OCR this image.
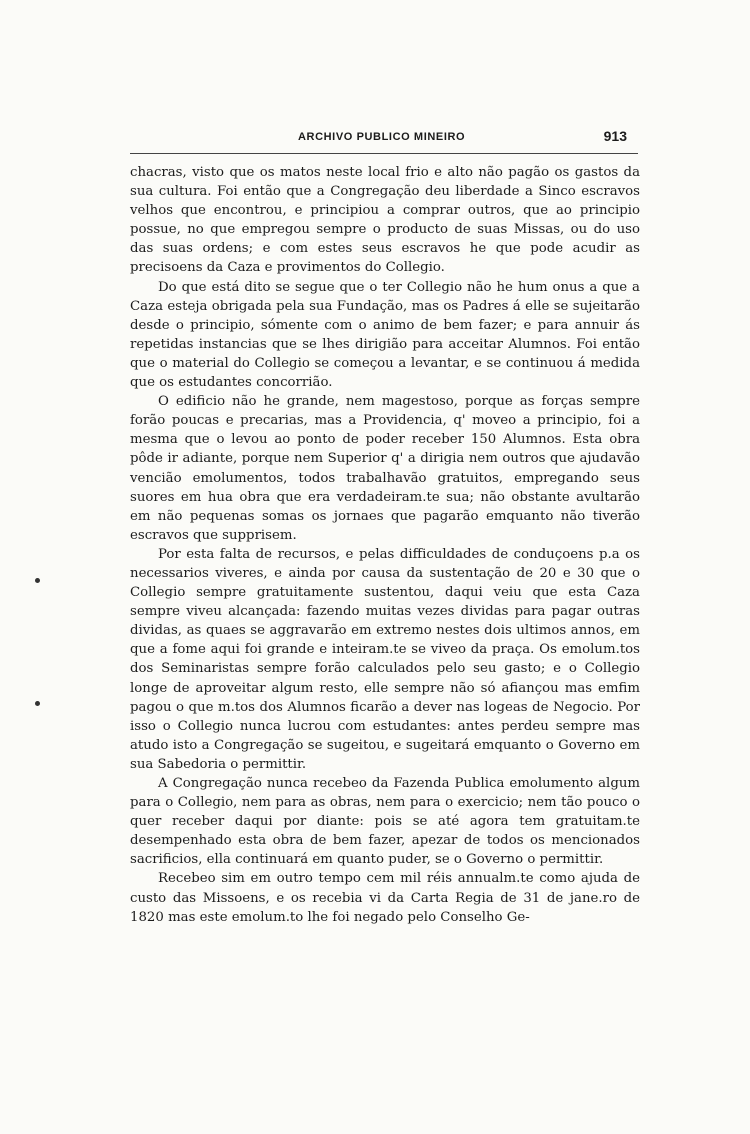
ARCHIVO PUBLICO MINEIRO	913

chacras, visto que os matos neste local frio e alto não pagão os gastos da sua cultura. Foi então que a Congregação deu liberdade a Sinco escravos velhos que encontrou, e principiou a comprar outros, que ao principio possue, no que empregou sempre o producto de suas Missas, ou do uso das suas ordens; e com estes seus escravos he que pode acudir as precisoens da Caza e provimentos do Collegio.

Do que está dito se segue que o ter Collegio não he hum onus a que a Caza esteja obrigada pela sua Fundação, mas os Padres á elle se sujeitarão desde o principio, sómente com o animo de bem fazer; e para annuir ás repetidas instancias que se lhes dirigião para acceitar Alumnos. Foi então que o material do Collegio se começou a levantar, e se continuou á medida que os estudantes concorrião.

O edificio não he grande, nem magestoso, porque as forças sempre forão poucas e precarias, mas a Providencia, q' moveo a principio, foi a mesma que o levou ao ponto de poder receber 150 Alumnos. Esta obra pôde ir adiante, porque nem Superior q' a dirigia nem outros que ajudavão vencião emolumentos, todos trabalhavão gratuitos, empregando seus suores em hua obra que era verdadeiram.te sua; não obstante avultarão em não pequenas somas os jornaes que pagarão emquanto não tiverão escravos que supprisem.

Por esta falta de recursos, e pelas difficuldades de conduçoens p.a os necessarios viveres, e ainda por causa da sustentação de 20 e 30 que o Collegio sempre gratuitamente sustentou, daqui veiu que esta Caza sempre viveu alcançada: fazendo muitas vezes dividas para pagar outras dividas, as quaes se aggravarão em extremo nestes dois ultimos annos, em que a fome aqui foi grande e inteiram.te se viveo da praça. Os emolum.tos dos Seminaristas sempre forão calculados pelo seu gasto; e o Collegio longe de aproveitar algum resto, elle sempre não só afiançou mas emfim pagou o que m.tos dos Alumnos ficarão a dever nas logeas de Negocio. Por isso o Collegio nunca lucrou com estudantes: antes perdeu sempre mas atudo isto a Congregação se sugeitou, e sugeitará emquanto o Governo em sua Sabedoria o permittir.

A Congregação nunca recebeo da Fazenda Publica emolumento algum para o Collegio, nem para as obras, nem para o exercicio; nem tão pouco o quer receber daqui por diante: pois se até agora tem gratuitam.te desempenhado esta obra de bem fazer, apezar de todos os mencionados sacrificios, ella continuará em quanto puder, se o Governo o permittir.

Recebeo sim em outro tempo cem mil réis annualm.te como ajuda de custo das Missoens, e os recebia vi da Carta Regia de 31 de jane.ro de 1820 mas este emolum.to lhe foi negado pelo Conselho Ge-
